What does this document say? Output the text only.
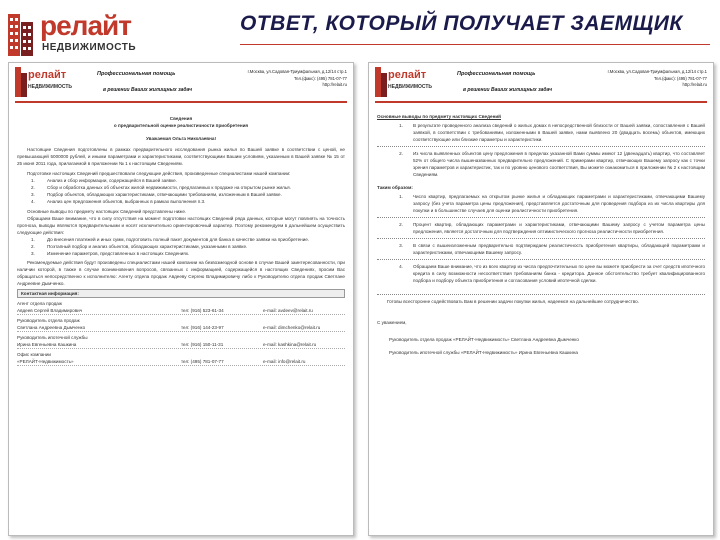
релайт
НЕДВИЖИМОСТЬ
ОТВЕТ, КОТОРЫЙ ПОЛУЧАЕТ ЗАЕМЩИК
релайт
НЕДВИЖИМОСТЬ
Профессиональная помощь
в решении Ваших жилищных задач
г.Москва, ул.Садовая-Триумфальная, д.12/14 стр.1
Тел.(факс): (495) 781-07-77
http://relait.ru
Сведения
о предварительной оценке реалистичности приобретения
Уважаемая Ольга Николаевна!
Настоящие Сведения подготовлены в рамках предварительного исследования рынка жилья по Вашей заявке в соответствии с ценой, не превышающей 5000000 рублей, и иными параметрами и характеристиками, соответствующими Вашим условиям, указанным в Вашей заявке № 15 от 25 июня 2011 года, прилагаемой в приложении № 1 к настоящим Сведениям.
Подготовке настоящих Сведений предшествовали следующие действия, произведенные специалистами нашей компании:
1.	Анализ и сбор информации, содержащейся в Вашей заявке.
2.	Сбор и обработка данных об объектах жилой недвижимости, предлагаемых к продаже на открытом рынке жилья.
3.	Подбор объектов, обладающих характеристиками, отвечающими требованиям, изложенным в Вашей заявке.
4.	Анализ цен предложения объектов, выбранных в рамках выполнения п.3.
Основные выводы по предмету настоящих Сведений представлены ниже.
Обращаем Ваше внимание, что в силу отсутствия на момент подготовки настоящих Сведений ряда данных, которые могут повлиять на точность прогноза, выводы являются предварительными и носят исключительно ориентировочный характер. Поэтому рекомендуем в дальнейшем осуществить следующие действия:
1.	До внесения платежей и иных сумм, подготовить полный пакет документов для банка в качестве заявки на приобретение.
2.	Поэтапный подбор и анализ объектов, обладающих характеристиками, указанными в заявке.
3.	Изменение параметров, представленных в настоящих Сведениях.
Рекомендуемые действия будут произведены специалистами нашей компании на безвозмездной основе в случае Вашей заинтересованности, при наличии которой, в также в случае возникновения вопросов, связанных с информацией, содержащейся в настоящих Сведениях, просим Вас обращаться непосредственно к исполнителю: Агенту отдела продаж Авдееву Сергею Владимировичу либо к Руководителю отдела продаж Светлане Андреевне Дымченко.
Контактная информация:
Агент отдела продаж
Авдеев Сергей Владимирович	тел: (916) 523-61-34	e-mail: avdeev@relait.ru
Руководитель отдела продаж
Светлана Андреевна Дымченко	тел: (916) 144-23-97	e-mail: dimchenko@relait.ru
Руководитель ипотечной службы
Ирина Евгеньевна Кашкина	тел: (916) 150-11-31	e-mail: kashkina@relait.ru
Офис компании
«РЕЛАЙТ-Недвижимость»	тел: (495) 781-07-77	e-mail: info@relait.ru
релайт
НЕДВИЖИМОСТЬ
Профессиональная помощь
в решении Ваших жилищных задач
г.Москва, ул.Садовая-Триумфальная, д.12/14 стр.1
Тел.(факс): (495) 781-07-77
http://relait.ru
Основные выводы по предмету настоящих Сведений
1.	В результате проведенного анализа сведений о жилых домах в непосредственной близости от Вашей заявки, сопоставления с Вашей заявкой, в соответствии с требованиями, изложенными в Вашей заявке, нами выявлено 20 (двадцать восемь) объектов, имеющих соответствующие или близкие параметры и характеристики.
2.	Из числа выявленных объектов цену предложения в пределах указанной Вами суммы имеют 12 (двенадцать) квартир, что составляет 52% от общего числа вышеназванных предварительно предложений. С примерами квартир, отвечающих Вашему запросу как с точки зрения параметров и характеристик, так и по уровню ценового соответствия, Вы можете ознакомиться в приложении № 2 к настоящим Сведениям.
Таким образом:
1.	Число квартир, предлагаемых на открытом рынке жилья и обладающих параметрами и характеристиками, отвечающими Вашему запросу (без учета параметра цены предложения), представляется достаточным для проведения подбора из их числа квартиры для покупки и в большинстве случаев для оценки реалистичности приобретения.
2.	Процент квартир, обладающих параметрами и характеристиками, отвечающими Вашему запросу с учетом параметра цены предложения, является достаточным для подтверждения оптимистического прогноза реалистичности приобретения.
3.	В связи с вышеизложенным предварительно подтверждаем реалистичность приобретения квартиры, обладающей параметрами и характеристиками, отвечающими Вашему запросу.
4.	Обращаем Ваше внимание, что из всех квартир из числа предпочтительных по цене вы можете приобрести за счет средств ипотечного кредита в силу возможности несоответствия требованиям банка - кредитора. Данное обстоятельство требует квалифицированного подбора и подбору объекта приобретения и согласования условий ипотечной сделки.
Готовы всесторонне содействовать Вам в решении задачи покупки жилья, надеемся на дальнейшее сотрудничество.
С уважением,
Руководитель отдела продаж «РЕЛАЙТ-Недвижимость» Светлана Андреевна Дымченко
Руководитель ипотечной службы «РЕЛАЙТ-Недвижимость» Ирина Евгеньевна Кашкина
